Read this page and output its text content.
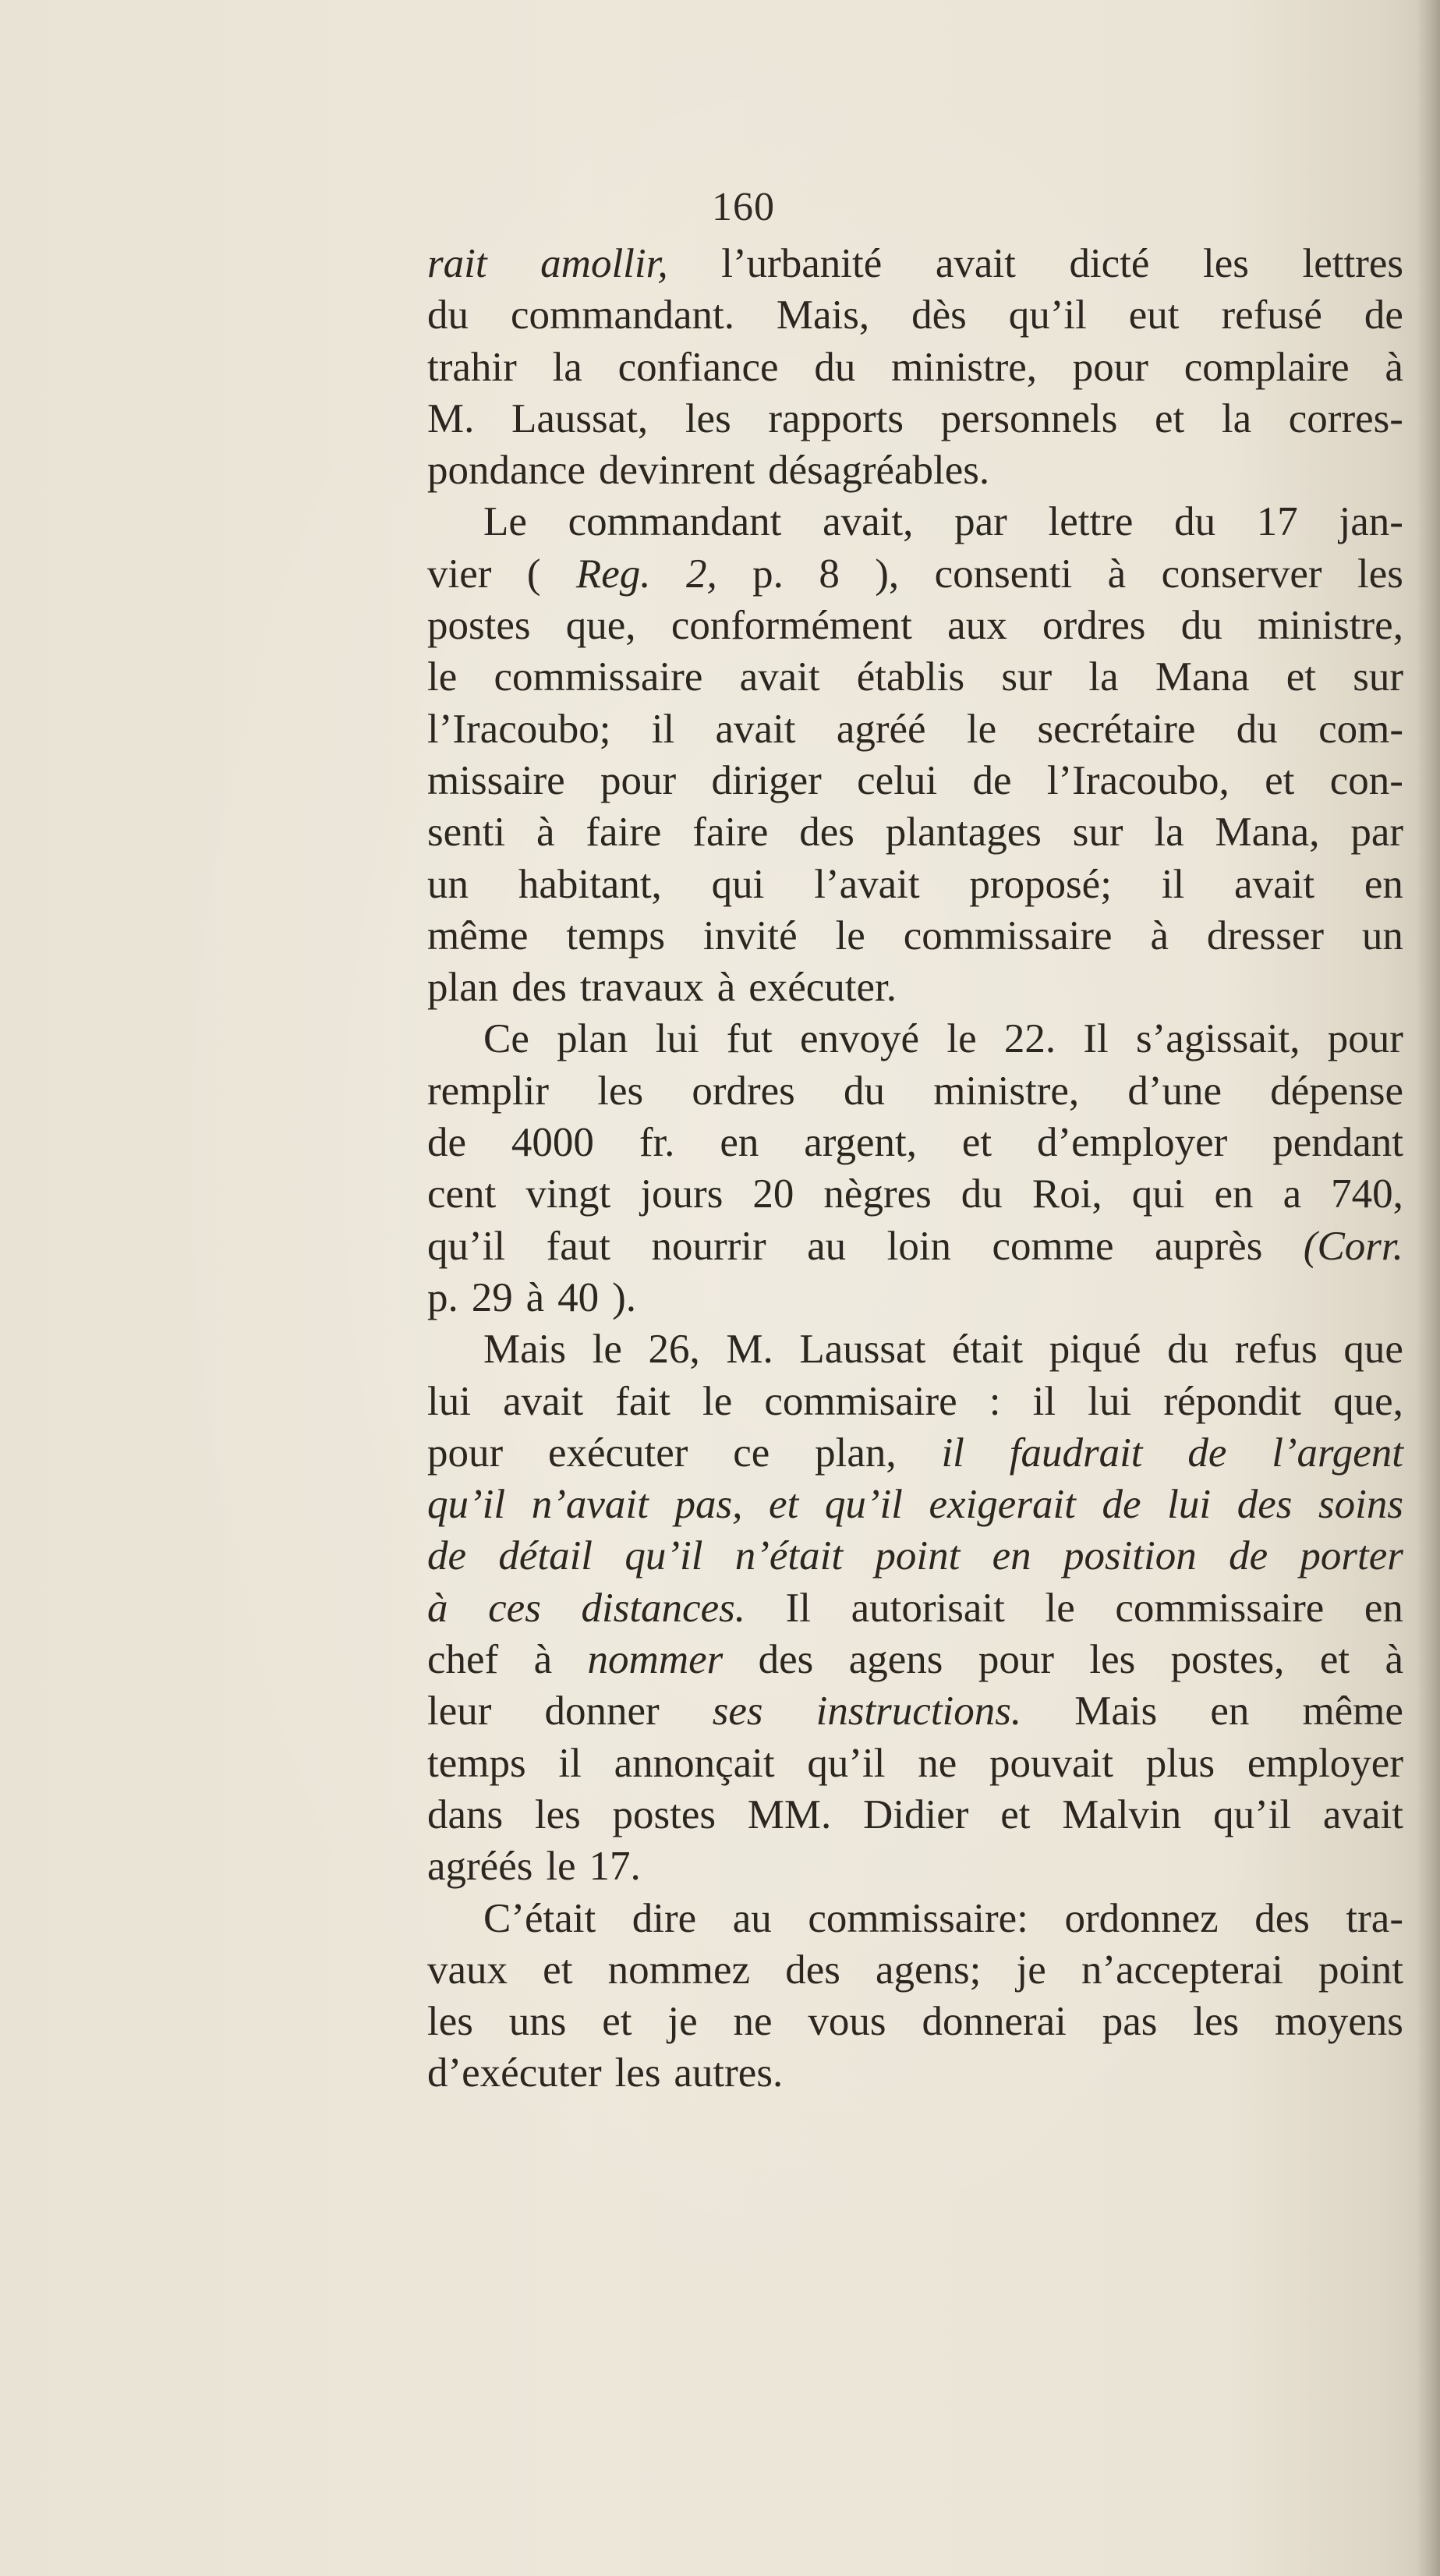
160
rait amollir, l’urbanité avait dicté les lettres
du commandant. Mais, dès qu’il eut refusé de
trahir la confiance du ministre, pour complaire à
M. Laussat, les rapports personnels et la corres-
pondance devinrent désagréables.
Le commandant avait, par lettre du 17 jan-
vier ( Reg. 2, p. 8 ), consenti à conserver les
postes que, conformément aux ordres du ministre,
le commissaire avait établis sur la Mana et sur
l’Iracoubo; il avait agréé le secrétaire du com-
missaire pour diriger celui de l’Iracoubo, et con-
senti à faire faire des plantages sur la Mana, par
un habitant, qui l’avait proposé; il avait en
même temps invité le commissaire à dresser un
plan des travaux à exécuter.
Ce plan lui fut envoyé le 22. Il s’agissait, pour
remplir les ordres du ministre, d’une dépense
de 4000 fr. en argent, et d’employer pendant
cent vingt jours 20 nègres du Roi, qui en a 740,
qu’il faut nourrir au loin comme auprès (Corr.
p. 29 à 40 ).
Mais le 26, M. Laussat était piqué du refus que
lui avait fait le commisaire : il lui répondit que,
pour exécuter ce plan, il faudrait de l’argent
qu’il n’avait pas, et qu’il exigerait de lui des soins
de détail qu’il n’était point en position de porter
à ces distances. Il autorisait le commissaire en
chef à nommer des agens pour les postes, et à
leur donner ses instructions. Mais en même
temps il annonçait qu’il ne pouvait plus employer
dans les postes MM. Didier et Malvin qu’il avait
agréés le 17.
C’était dire au commissaire: ordonnez des tra-
vaux et nommez des agens; je n’accepterai point
les uns et je ne vous donnerai pas les moyens
d’exécuter les autres.
